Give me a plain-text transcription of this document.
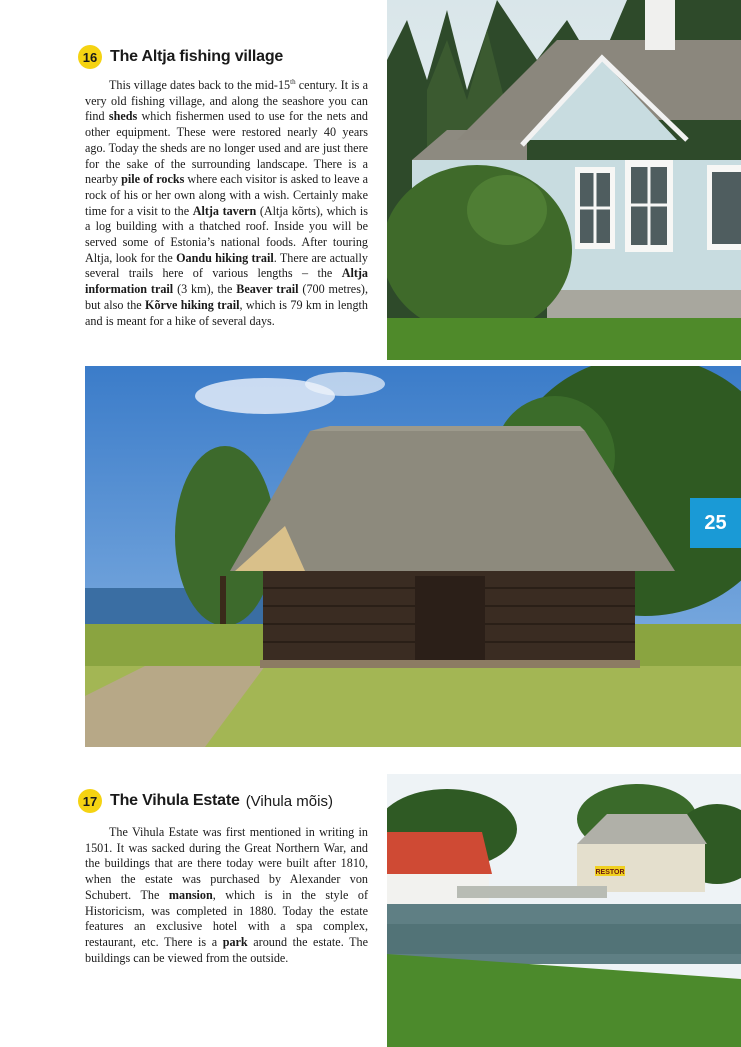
16 The Altja fishing village

This village dates back to the mid-15th century. It is a very old fishing village, and along the seashore you can find sheds which fishermen used to use for the nets and other equipment. These were restored nearly 40 years ago. Today the sheds are no longer used and are just there for the sake of the surrounding landscape. There is a nearby pile of rocks where each visitor is asked to leave a rock of his or her own along with a wish. Certainly make time for a visit to the Altja tavern (Altja kõrts), which is a log building with a thatched roof. Inside you will be served some of Estonia’s national foods. After touring Altja, look for the Oandu hiking trail. There are actually several trails here of various lengths – the Altja information trail (3 km), the Beaver trail (700 metres), but also the Kõrve hiking trail, which is 79 km in length and is meant for a hike of several days.

25
17 The Vihula Estate (Vihula mõis)

The Vihula Estate was first mentioned in writing in 1501. It was sacked during the Great Northern War, and the buildings that are there today were built after 1810, when the estate was purchased by Alexander von Schubert. The mansion, which is in the style of Historicism, was completed in 1880. Today the estate features an exclusive hotel with a spa complex, restaurant, etc. There is a park around the estate. The buildings can be viewed from the outside.

RESTOR
